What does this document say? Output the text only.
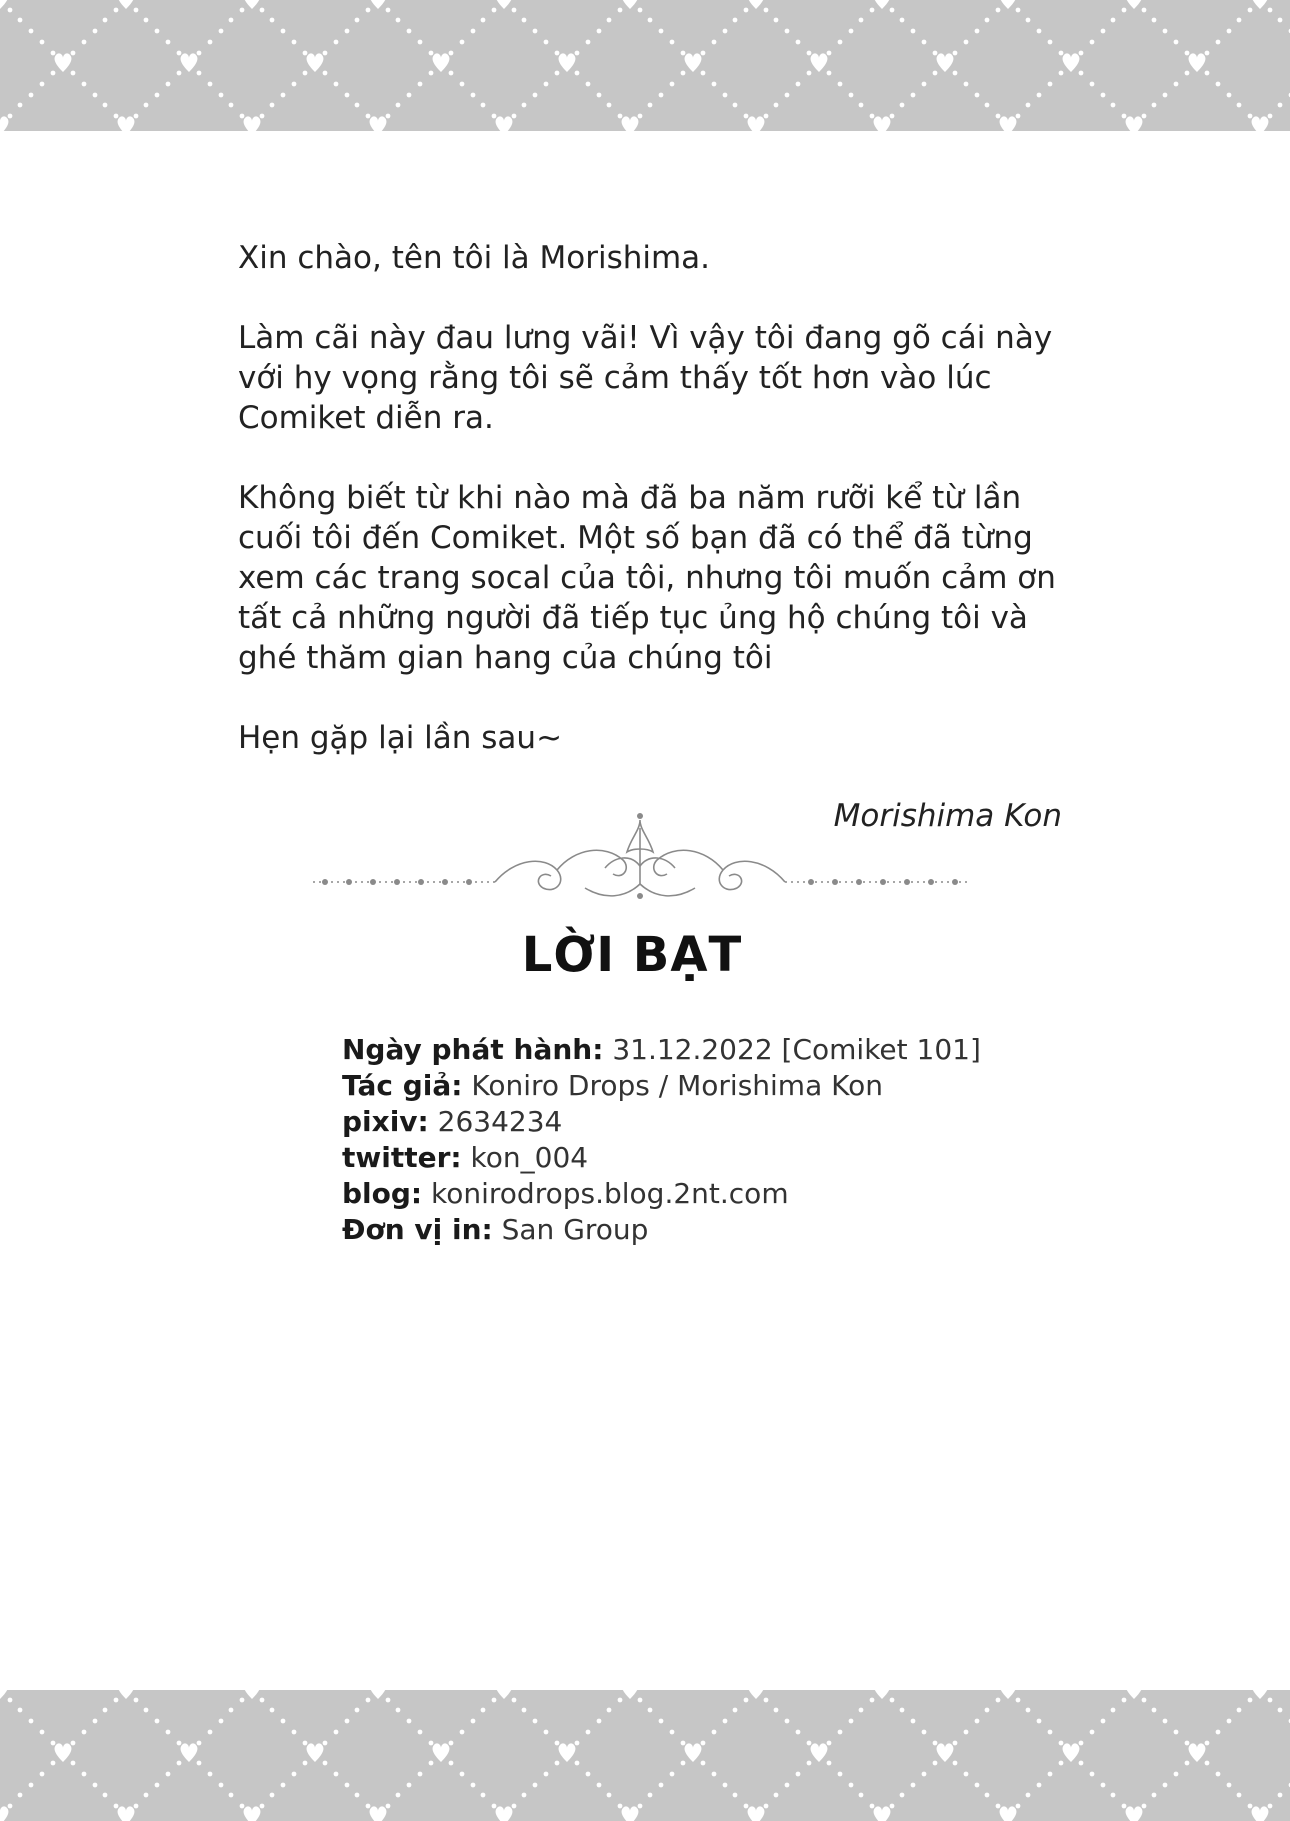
Xin chào, tên tôi là Morishima.

Làm cãi này đau lưng vãi! Vì vậy tôi đang gõ cái này với hy vọng rằng tôi sẽ cảm thấy tốt hơn vào lúc Comiket diễn ra.

Không biết từ khi nào mà đã ba năm rưỡi kể từ lần cuối tôi đến Comiket. Một số bạn đã có thể đã từng xem các trang socal của tôi, nhưng tôi muốn cảm ơn tất cả những người đã tiếp tục ủng hộ chúng tôi và ghé thăm gian hang của chúng tôi

Hẹn gặp lại lần sau~

Morishima Kon
LỜI BẠT
Ngày phát hành: 31.12.2022 [Comiket 101]
Tác giả: Koniro Drops / Morishima Kon
pixiv: 2634234
twitter: kon_004
blog: konirodrops.blog.2nt.com
Đơn vị in: San Group
